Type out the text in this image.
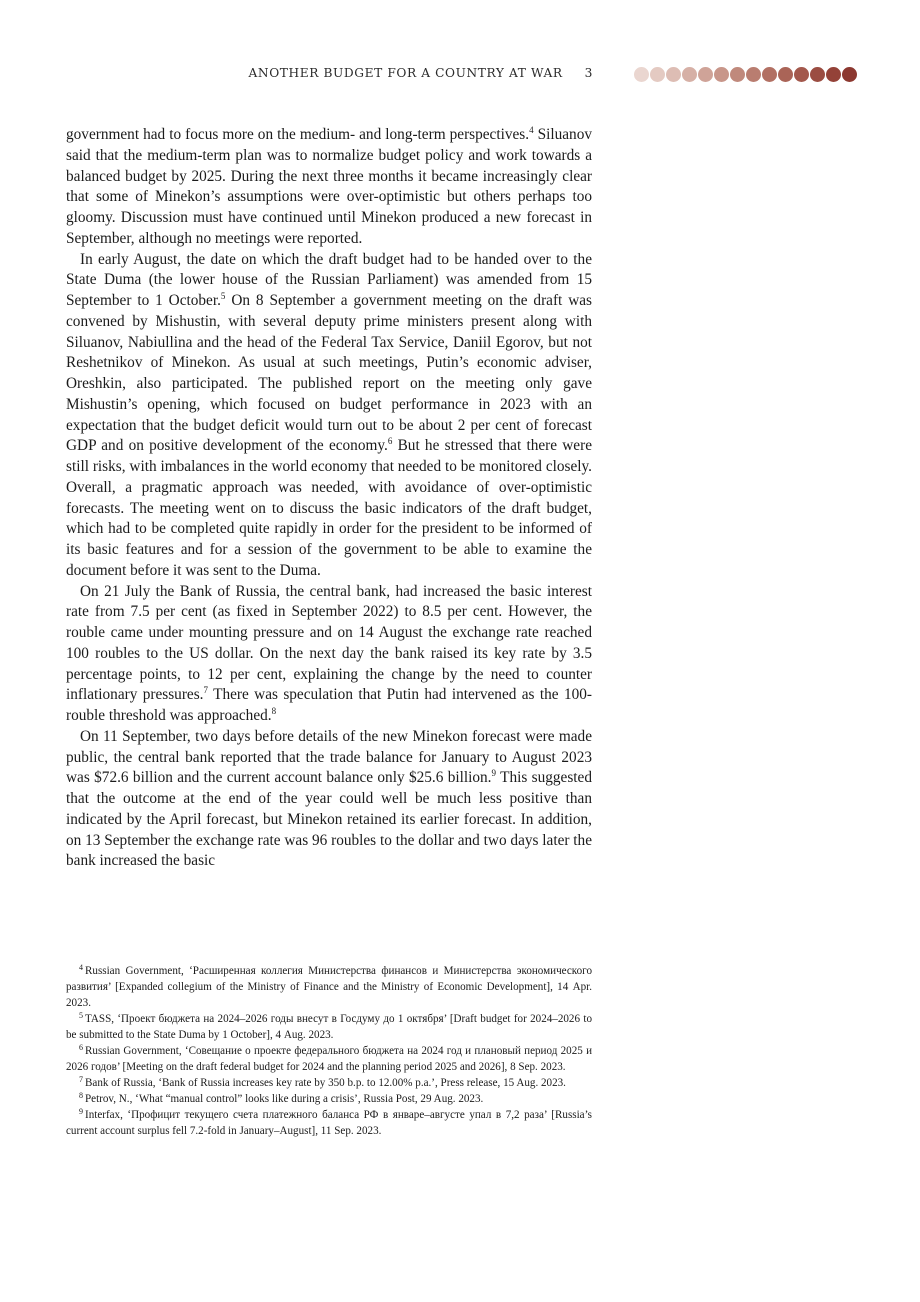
ANOTHER BUDGET FOR A COUNTRY AT WAR 3

government had to focus more on the medium- and long-term perspectives.$^4$ Siluanov said that the medium-term plan was to normalize budget policy and work towards a balanced budget by 2025. During the next three months it became increasingly clear that some of Minekon’s assumptions were over-optimistic but others perhaps too gloomy. Discussion must have continued until Minekon produced a new forecast in September, although no meetings were reported.

In early August, the date on which the draft budget had to be handed over to the State Duma (the lower house of the Russian Parliament) was amended from 15 September to 1 October.$^5$ On 8 September a government meeting on the draft was convened by Mishustin, with several deputy prime ministers present along with Siluanov, Nabiullina and the head of the Federal Tax Service, Daniil Egorov, but not Reshetnikov of Minekon. As usual at such meetings, Putin’s economic adviser, Oreshkin, also participated. The published report on the meeting only gave Mishustin’s opening, which focused on budget performance in 2023 with an expectation that the budget deficit would turn out to be about 2 per cent of forecast GDP and on positive development of the economy.$^6$ But he stressed that there were still risks, with imbalances in the world economy that needed to be monitored closely. Overall, a pragmatic approach was needed, with avoidance of over-optimistic forecasts. The meeting went on to discuss the basic indicators of the draft budget, which had to be completed quite rapidly in order for the president to be informed of its basic features and for a session of the government to be able to examine the document before it was sent to the Duma.

On 21 July the Bank of Russia, the central bank, had increased the basic interest rate from 7.5 per cent (as fixed in September 2022) to 8.5 per cent. However, the rouble came under mounting pressure and on 14 August the exchange rate reached 100 roubles to the US dollar. On the next day the bank raised its key rate by 3.5 percentage points, to 12 per cent, explaining the change by the need to counter inflationary pressures.$^7$ There was speculation that Putin had intervened as the 100-rouble threshold was approached.$^8$

On 11 September, two days before details of the new Minekon forecast were made public, the central bank reported that the trade balance for January to August 2023 was $72.6 billion and the current account balance only $25.6 billion.$^9$ This suggested that the outcome at the end of the year could well be much less positive than indicated by the April forecast, but Minekon retained its earlier forecast. In addition, on 13 September the exchange rate was 96 roubles to the dollar and two days later the bank increased the basic

$^4$ Russian Government, ‘Расширенная коллегия Министерства финансов и Министерства экономического развития’ [Expanded collegium of the Ministry of Finance and the Ministry of Economic Development], 14 Apr. 2023.

$^5$ TASS, ‘Проект бюджета на 2024–2026 годы внесут в Госдуму до 1 октября’ [Draft budget for 2024–2026 to be submitted to the State Duma by 1 October], 4 Aug. 2023.

$^6$ Russian Government, ‘Совещание о проекте федерального бюджета на 2024 год и плановый период 2025 и 2026 годов’ [Meeting on the draft federal budget for 2024 and the planning period 2025 and 2026], 8 Sep. 2023.

$^7$ Bank of Russia, ‘Bank of Russia increases key rate by 350 b.p. to 12.00% p.a.’, Press release, 15 Aug. 2023.

$^8$ Petrov, N., ‘What “manual control” looks like during a crisis’, Russia Post, 29 Aug. 2023.

$^9$ Interfax, ‘Профицит текущего счета платежного баланса РФ в январе–августе упал в 7,2 раза’ [Russia’s current account surplus fell 7.2-fold in January–August], 11 Sep. 2023.
